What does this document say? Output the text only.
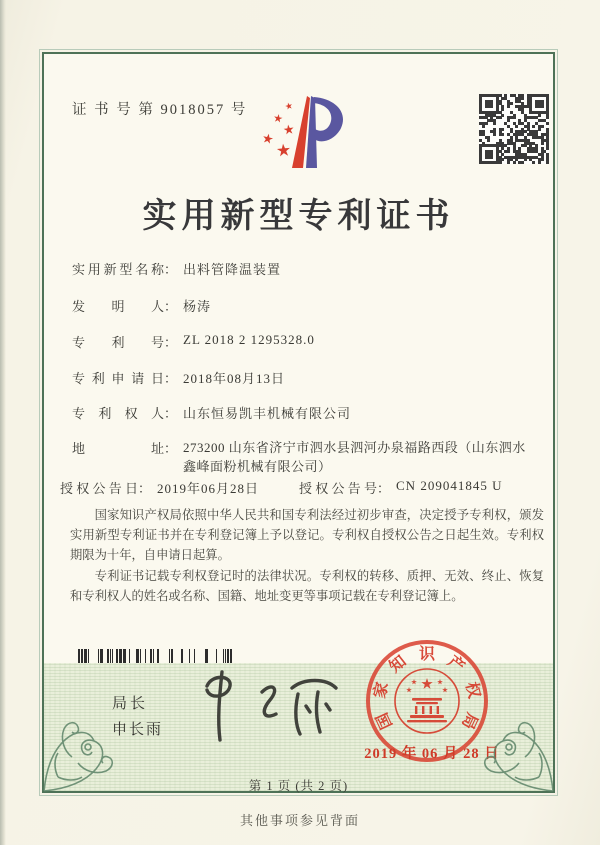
证 书 号 第 9018057 号	★
★
★
★
★
实用新型专利证书
实用新型名称： 出料管降温装置
发明人： 杨涛
专利号： ZL 2018 2 1295328.0
专利申请日： 2018年08月13日
专利权人： 山东恒易凯丰机械有限公司
地址： 273200 山东省济宁市泗水县泗河办泉福路西段（山东泗水鑫峰面粉机械有限公司）
授权公告日： 2019年06月28日	授权公告号： CN 209041845 U

国家知识产权局依照中华人民共和国专利法经过初步审查，决定授予专利权，颁发实用新型专利证书并在专利登记簿上予以登记。专利权自授权公告之日起生效。专利权期限为十年，自申请日起算。

专利证书记载专利权登记时的法律状况。专利权的转移、质押、无效、终止、恢复和专利权人的姓名或名称、国籍、地址变更等事项记载在专利登记簿上。

局长
申长雨	国
家
知 识 产
权
局
2019 年 06 月 28 日
第 1 页 (共 2 页)
其他事项参见背面
